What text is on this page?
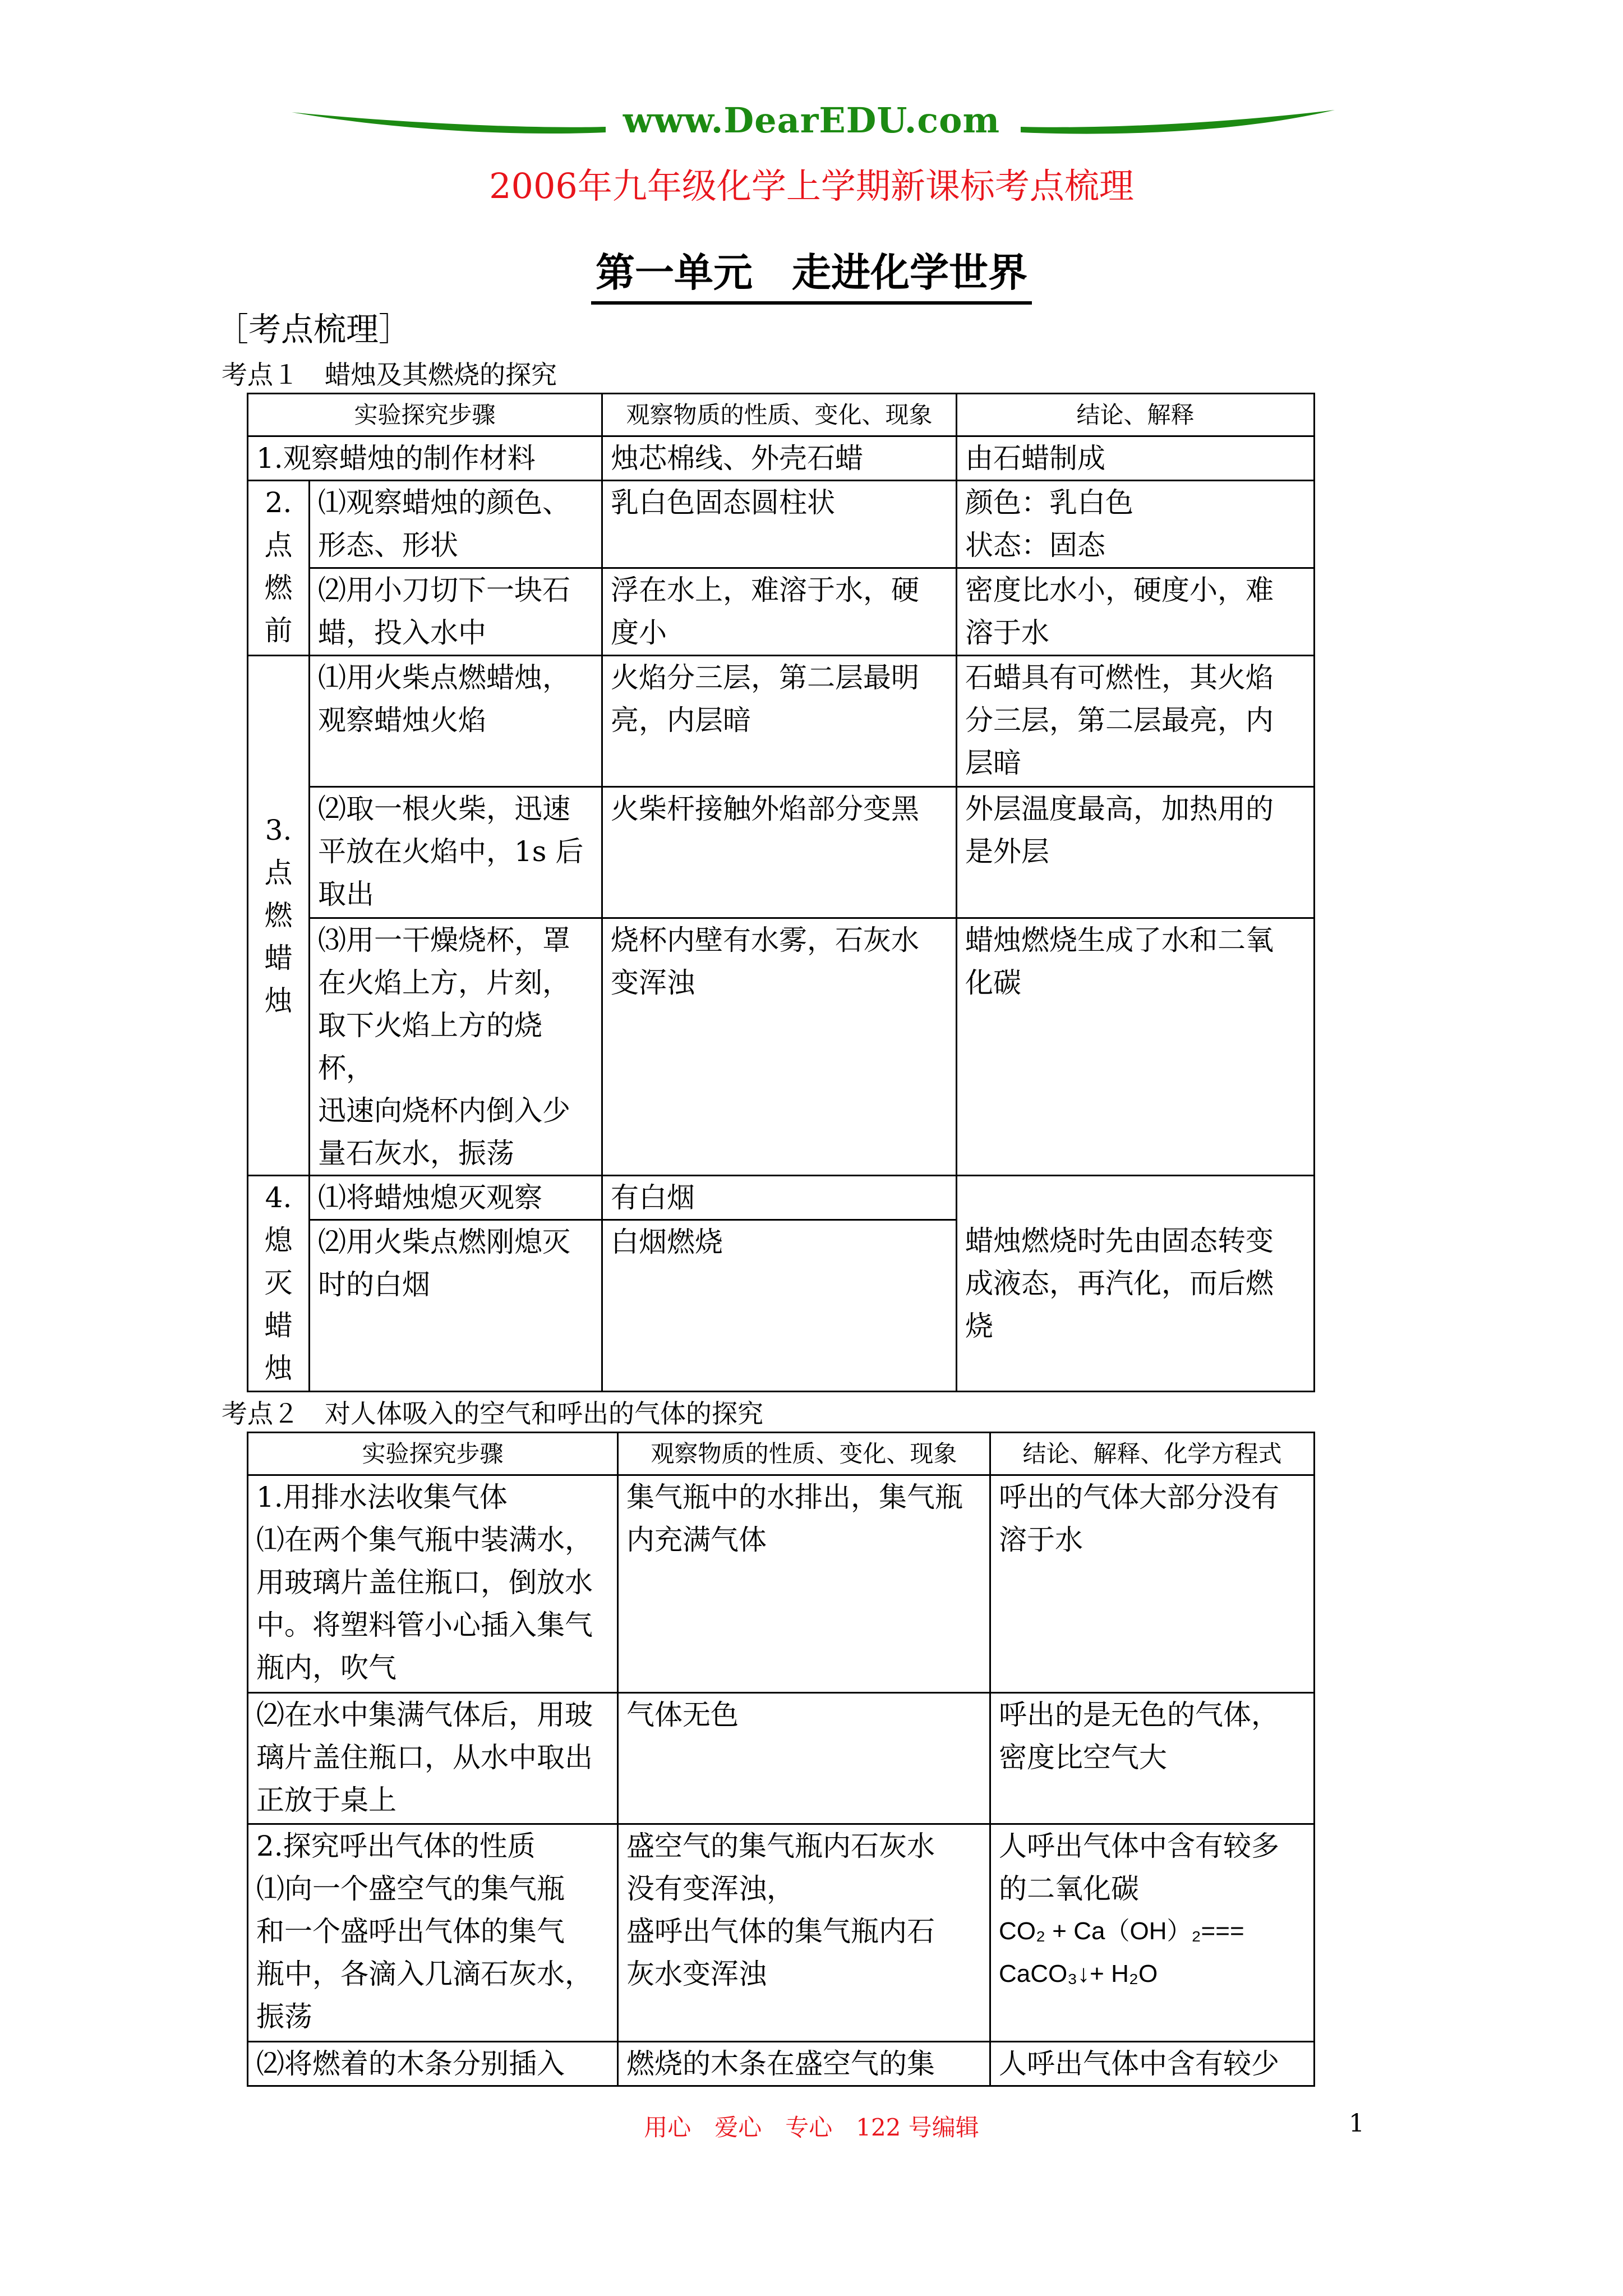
www.DearEDU.com
2006年九年级化学上学期新课标考点梳理
第一单元　走进化学世界
［考点梳理］
考点１　蜡烛及其燃烧的探究
实验探究步骤		观察物质的性质、变化、现象	结论、解释
1.观察蜡烛的制作材料		烛芯棉线、外壳石蜡	由石蜡制成

2.
点
燃
前	⑴观察蜡烛的颜色、
形态、形状	乳白色固态圆柱状	颜色：乳白色
状态：固态

	⑵用小刀切下一块石
蜡，投入水中	浮在水上，难溶于水，硬
度小	密度比水小，硬度小，难
溶于水

3.
点
燃
蜡
烛	⑴用火柴点燃蜡烛，
观察蜡烛火焰	火焰分三层，第二层最明
亮，内层暗	石蜡具有可燃性，其火焰
分三层，第二层最亮，内
层暗

	⑵取一根火柴，迅速
平放在火焰中，1s 后
取出	火柴杆接触外焰部分变黑	外层温度最高，加热用的
是外层

	⑶用一干燥烧杯，罩
在火焰上方，片刻，
取下火焰上方的烧杯，
迅速向烧杯内倒入少
量石灰水，振荡	烧杯内壁有水雾，石灰水
变浑浊	蜡烛燃烧生成了水和二氧
化碳

4.
熄
灭
蜡
烛	⑴将蜡烛熄灭观察	有白烟	蜡烛燃烧时先由固态转变
成液态，再汽化，而后燃
烧

	⑵用火柴点燃刚熄灭
时的白烟	白烟燃烧	
考点２　对人体吸入的空气和呼出的气体的探究
实验探究步骤	观察物质的性质、变化、现象	结论、解释、化学方程式

1.用排水法收集气体
⑴在两个集气瓶中装满水，
用玻璃片盖住瓶口，倒放水
中。将塑料管小心插入集气
瓶内，吹气	集气瓶中的水排出，集气瓶
内充满气体	呼出的气体大部分没有
溶于水

⑵在水中集满气体后，用玻
璃片盖住瓶口，从水中取出
正放于桌上	气体无色	呼出的是无色的气体，
密度比空气大

2.探究呼出气体的性质
⑴向一个盛空气的集气瓶
和一个盛呼出气体的集气
瓶中，各滴入几滴石灰水，
振荡	盛空气的集气瓶内石灰水
没有变浑浊，
盛呼出气体的集气瓶内石
灰水变浑浊	人呼出气体中含有较多
的二氧化碳
CO₂ + Ca（OH）₂===
CaCO₃↓+ H₂O

⑵将燃着的木条分别插入	燃烧的木条在盛空气的集	人呼出气体中含有较少
用心　爱心　专心　122 号编辑	1
